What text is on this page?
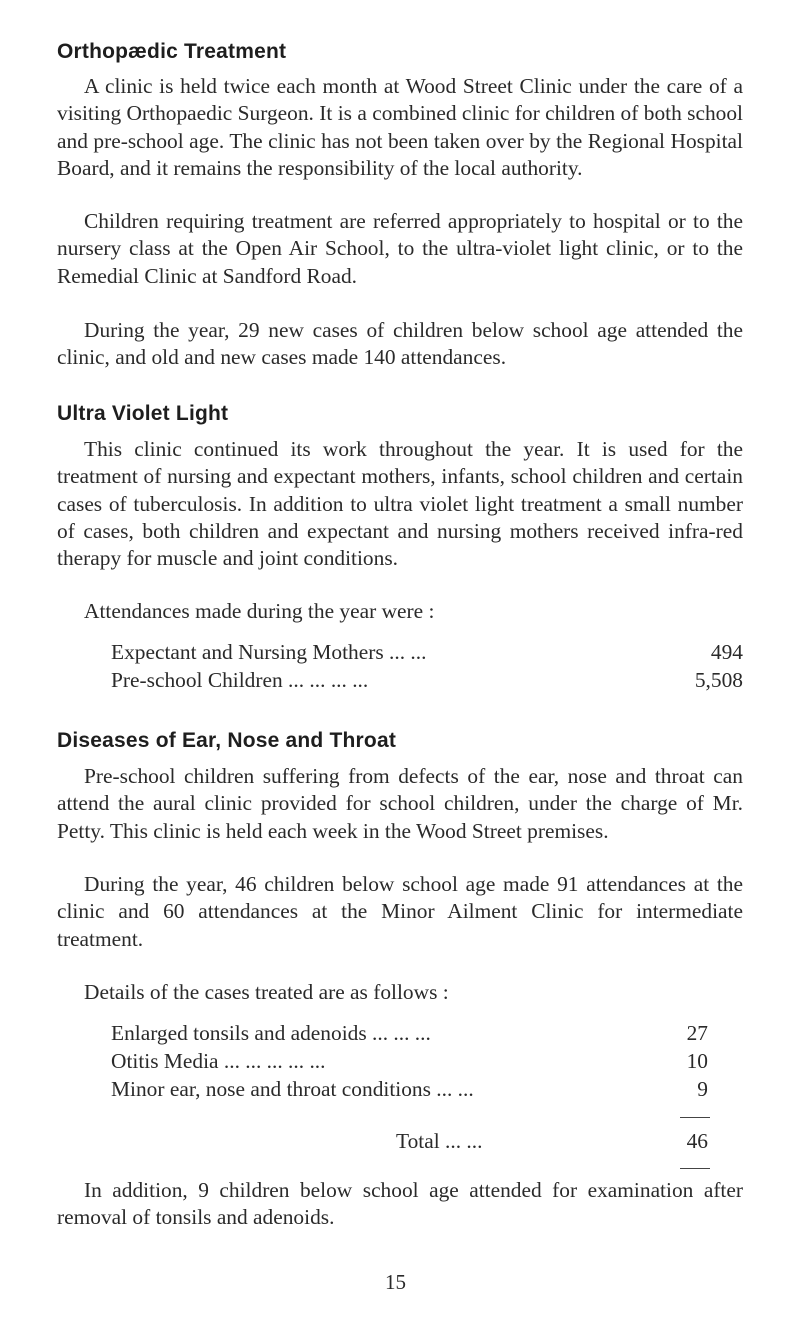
Orthopædic Treatment

A clinic is held twice each month at Wood Street Clinic under the care of a visiting Orthopaedic Surgeon. It is a combined clinic for children of both school and pre-school age. The clinic has not been taken over by the Regional Hospital Board, and it remains the responsibility of the local authority.

Children requiring treatment are referred appropriately to hospital or to the nursery class at the Open Air School, to the ultra-violet light clinic, or to the Remedial Clinic at Sandford Road.

During the year, 29 new cases of children below school age attended the clinic, and old and new cases made 140 attendances.

Ultra Violet Light

This clinic continued its work throughout the year. It is used for the treatment of nursing and expectant mothers, infants, school children and certain cases of tuberculosis. In addition to ultra violet light treatment a small number of cases, both children and expectant and nursing mothers received infra-red therapy for muscle and joint conditions.

Attendances made during the year were :

Expectant and Nursing Mothers ... ...	494
Pre-school Children ... ... ... ...	5,508
Diseases of Ear, Nose and Throat

Pre-school children suffering from defects of the ear, nose and throat can attend the aural clinic provided for school children, under the charge of Mr. Petty. This clinic is held each week in the Wood Street premises.

During the year, 46 children below school age made 91 attendances at the clinic and 60 attendances at the Minor Ailment Clinic for intermediate treatment.

Details of the cases treated are as follows :

Enlarged tonsils and adenoids ... ... ...	27
Otitis Media ... ... ... ... ...	10
Minor ear, nose and throat conditions ... ...	9
Total ... ...	46

In addition, 9 children below school age attended for examination after removal of tonsils and adenoids.

15
